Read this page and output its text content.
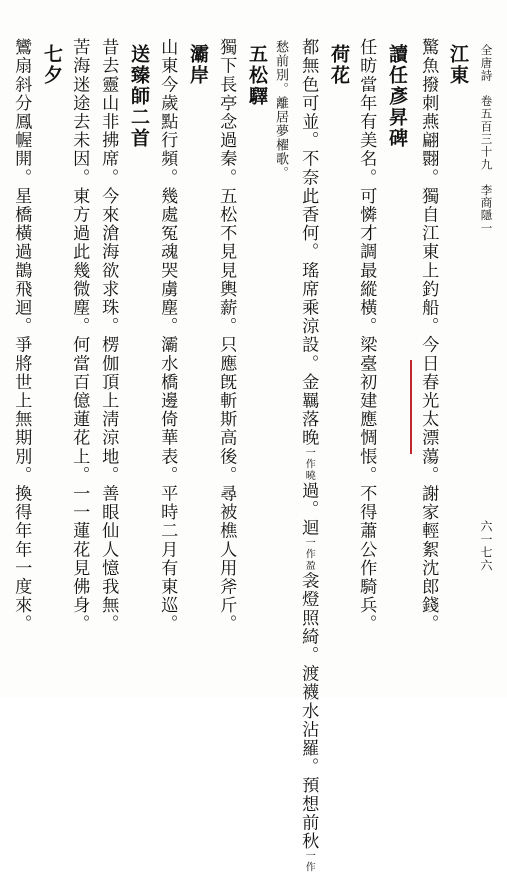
全唐詩　卷五百三十九　李商隱一
江東
驚魚撥刺燕翩翾。獨自江東上釣船。今日春光太漂蕩。謝家輕絮沈郎錢。
讀任彥昇碑
任昉當年有美名。可憐才調最縱橫。梁臺初建應惆悵。不得蕭公作騎兵。
荷花
都無色可並。不奈此香何。瑤席乘涼設。金羈落晚一作曉過。迴一作盈衾燈照綺。渡襪水沾羅。預想前秋一作
愁前別。離居夢櫂歌。
五松驛
獨下長亭念過秦。五松不見見輿薪。只應旣斬斯高後。尋被樵人用斧斤。
灞岸
山東今歲點行頻。幾處冤魂哭虜塵。灞水橋邊倚華表。平時二月有東巡。
送臻師二首
昔去靈山非拂席。今來滄海欲求珠。楞伽頂上淸涼地。善眼仙人憶我無。
苦海迷途去未因。東方過此幾微塵。何當百億蓮花上。一一蓮花見佛身。
七夕
鸞扇斜分鳳幄開。星橋橫過鵲飛迴。爭將世上無期別。換得年年一度來。	六一七六
